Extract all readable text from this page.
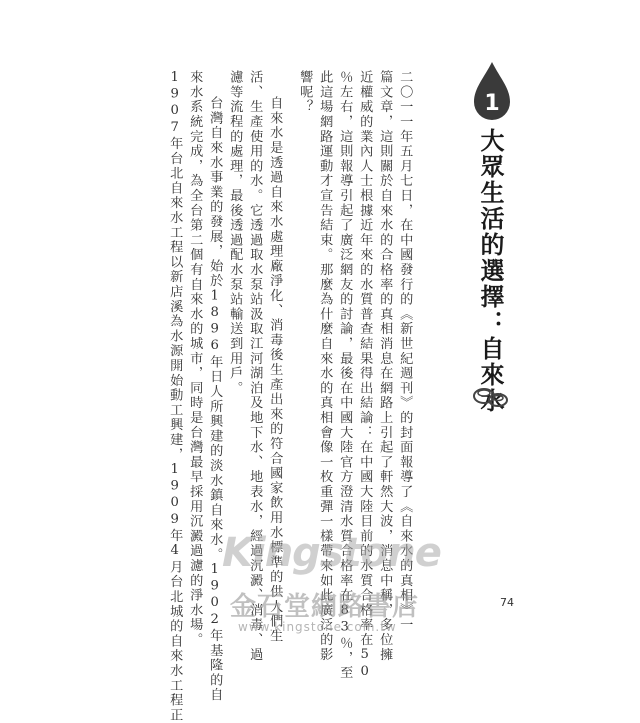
1
大眾生活的選擇：自來水
二〇一一年五月七日，在中國發行的《新世紀週刊》的封面報導了《自來水的真相》一
篇文章，這則關於自來水的合格率的真相消息在網路上引起了軒然大波，消息中稱，多位擁
近權威的業內人士根據近年來的水質普查結果得出結論：在中國大陸目前的水質合格率在50
％左右，這則報導引起了廣泛網友的討論，最後在中國大陸官方澄清水質合格率在83％，至
此這場網路運動才宣告結束。那麼為什麼自來水的真相會像一枚重彈一樣帶來如此廣泛的影
響呢？
自來水是透過自來水處理廠淨化、消毒後生產出來的符合國家飲用水標準的供人們生
活、生產使用的水。它透過取水泵站汲取江河湖泊及地下水、地表水，經過沉澱、消毒、過
濾等流程的處理，最後透過配水泵站輸送到用戶。
台灣自來水事業的發展，始於1896年日人所興建的淡水鎮自來水。1902年基隆的自
來水系統完成，為全台第二個有自來水的城市，同時是台灣最早採用沉澱過濾的淨水場。
1907年台北自來水工程以新店溪為水源開始動工興建，1909年4月台北城的自來水工程正	74
Kingstone
金石堂網路書店
www.kingstone.com.tw
